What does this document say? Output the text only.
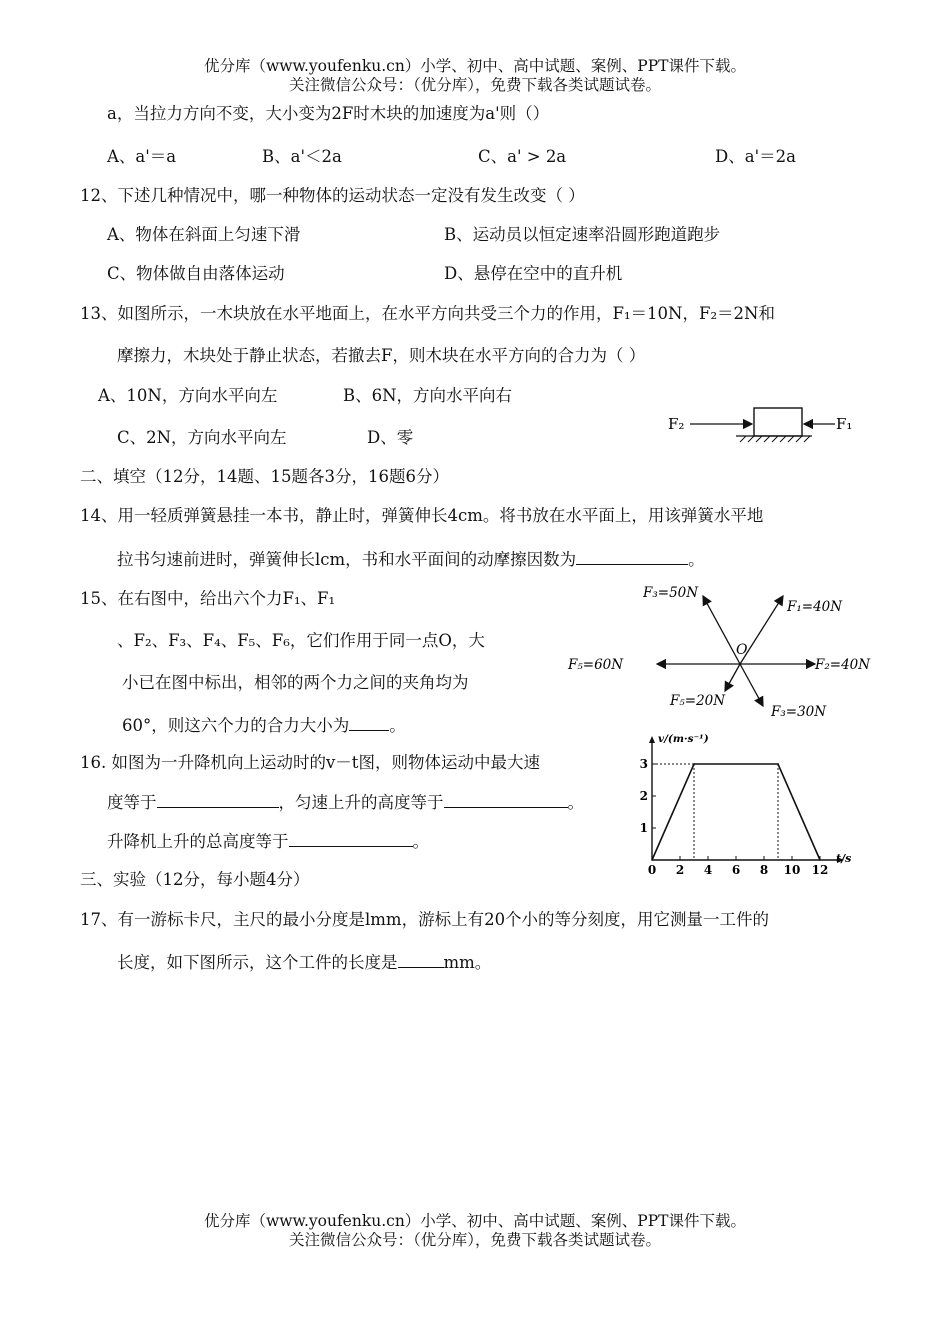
优分库（www.youfenku.cn）小学、初中、高中试题、案例、PPT课件下载。
关注微信公众号：（优分库），免费下载各类试题试卷。
a，当拉力方向不变，大小变为2F时木块的加速度为a'则（）
A、a'＝a	B、a'＜2a	C、a' > 2a	D、a'＝2a
12、下述几种情况中，哪一种物体的运动状态一定没有发生改变（ ）
A、物体在斜面上匀速下滑	B、运动员以恒定速率沿圆形跑道跑步
C、物体做自由落体运动	D、悬停在空中的直升机
13、如图所示，一木块放在水平地面上，在水平方向共受三个力的作用，F₁＝10N，F₂＝2N和
摩擦力，木块处于静止状态，若撤去F，则木块在水平方向的合力为（ ）
A、10N，方向水平向左	B、6N，方向水平向右
C、2N，方向水平向左	D、零
F₂	F₁
二、填空（12分，14题、15题各3分，16题6分）
14、用一轻质弹簧悬挂一本书，静止时，弹簧伸长4cm。将书放在水平面上，用该弹簧水平地
拉书匀速前进时，弹簧伸长lcm，书和水平面间的动摩擦因数为	。
15、在右图中，给出六个力F₁、F₁
、F₂、F₃、F₄、F₅、F₆，它们作用于同一点O，大
小已在图中标出，相邻的两个力之间的夹角均为
60°，则这六个力的合力大小为 。
F₃=50N
F₁=40N
F₅=60N	F₂=40N
F₅=20N
F₃=30N
O
16. 如图为一升降机向上运动时的v－t图，则物体运动中最大速
度等于	，匀速上升的高度等于	。
升降机上升的总高度等于	。
v/(m·s⁻¹)
t/s
0 2 4 6 8 10 12
1
2
3
三、实验（12分，每小题4分）
17、有一游标卡尺，主尺的最小分度是lmm，游标上有20个小的等分刻度，用它测量一工件的
长度，如下图所示，这个工件的长度是	mm。
优分库（www.youfenku.cn）小学、初中、高中试题、案例、PPT课件下载。
关注微信公众号：（优分库），免费下载各类试题试卷。
